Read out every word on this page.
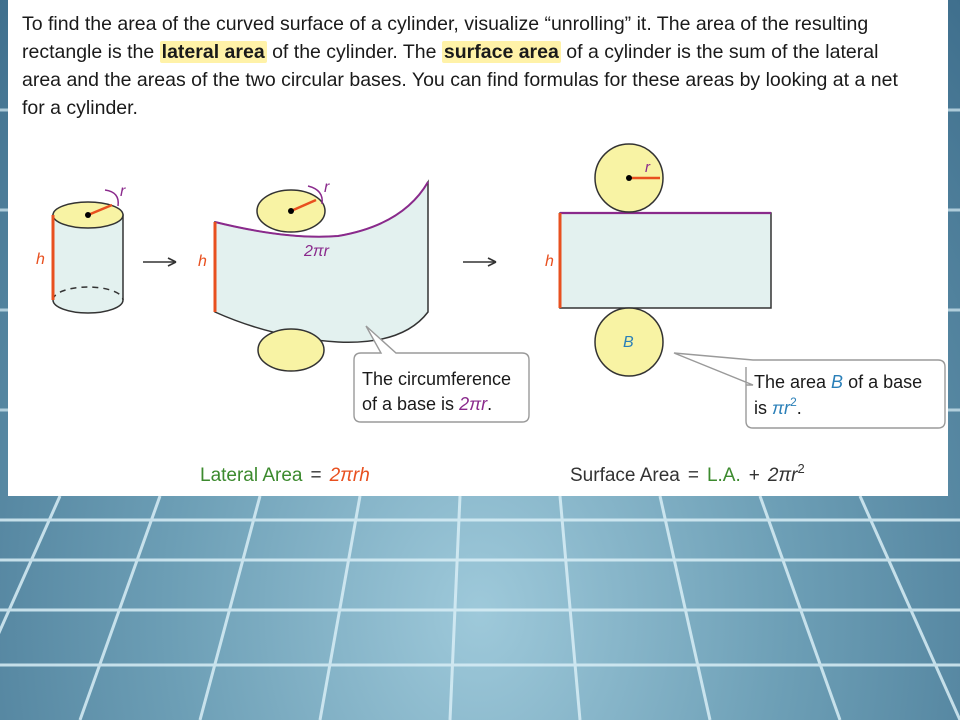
To find the area of the curved surface of a cylinder, visualize “unrolling” it. The area of the resulting rectangle is the lateral area of the cylinder. The surface area of a cylinder is the sum of the lateral area and the areas of the two circular bases. You can find formulas for these areas by looking at a net for a cylinder.
r
h
r
h
2πr
The circumference
of a base is 2πr.
r
h
B
The area B of a base
is $\pi r^2$.
Lateral Area = 2πrh	Surface Area = L.A. + $2\pi r^2$
